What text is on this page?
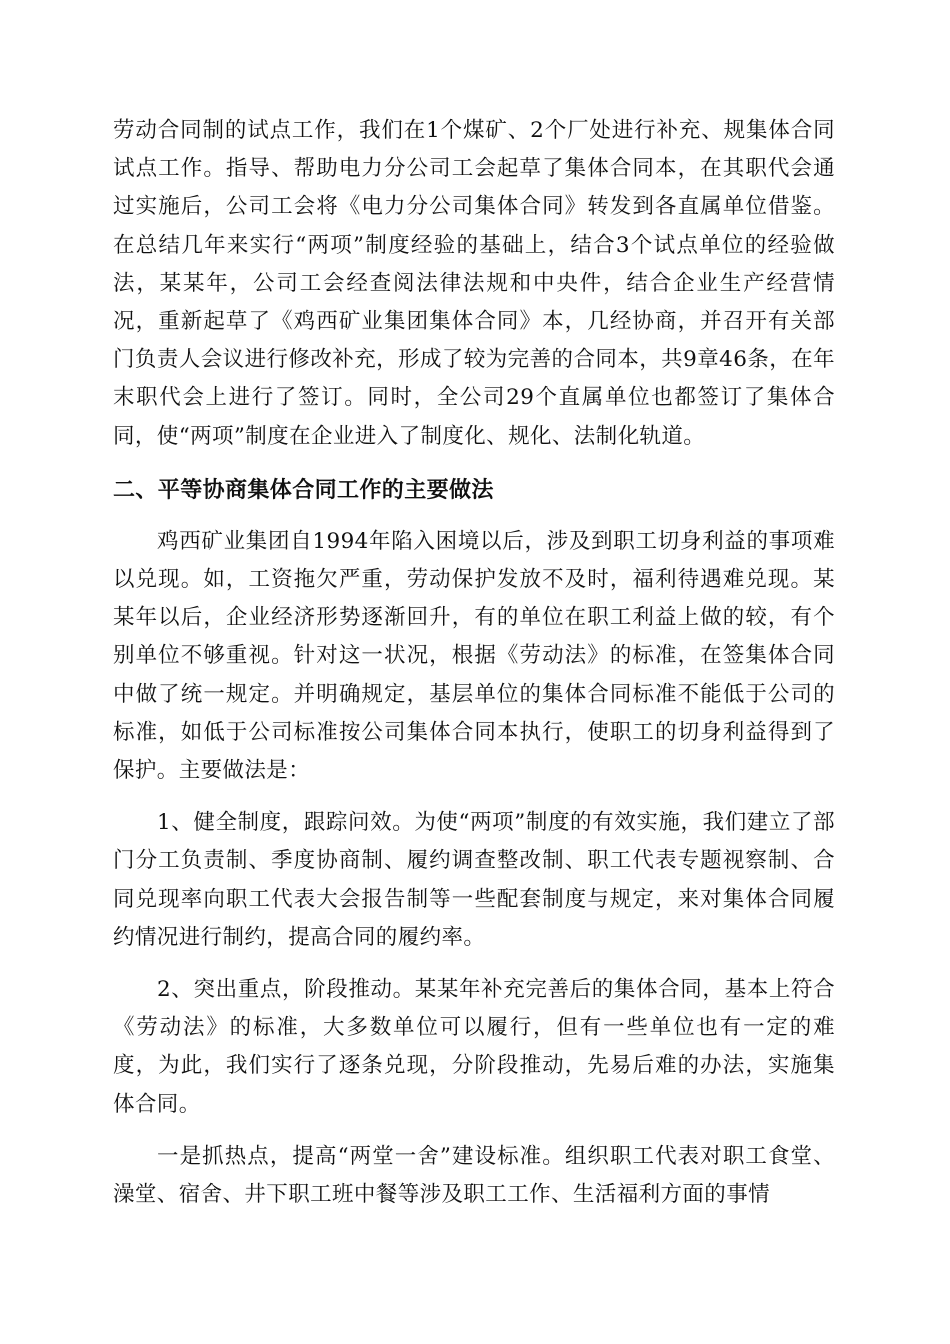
劳动合同制的试点工作，我们在1个煤矿、2个厂处进行补充、规集体合同试点工作。指导、帮助电力分公司工会起草了集体合同本，在其职代会通过实施后，公司工会将《电力分公司集体合同》转发到各直属单位借鉴。在总结几年来实行“两项”制度经验的基础上，结合3个试点单位的经验做法，某某年，公司工会经查阅法律法规和中央件，结合企业生产经营情况，重新起草了《鸡西矿业集团集体合同》本，几经协商，并召开有关部门负责人会议进行修改补充，形成了较为完善的合同本，共9章46条，在年末职代会上进行了签订。同时，全公司29个直属单位也都签订了集体合同，使“两项”制度在企业进入了制度化、规化、法制化轨道。

二、平等协商集体合同工作的主要做法

鸡西矿业集团自1994年陷入困境以后，涉及到职工切身利益的事项难以兑现。如，工资拖欠严重，劳动保护发放不及时，福利待遇难兑现。某某年以后，企业经济形势逐渐回升，有的单位在职工利益上做的较，有个别单位不够重视。针对这一状况，根据《劳动法》的标准，在签集体合同中做了统一规定。并明确规定，基层单位的集体合同标准不能低于公司的标准，如低于公司标准按公司集体合同本执行，使职工的切身利益得到了保护。主要做法是：

1、健全制度，跟踪问效。为使“两项”制度的有效实施，我们建立了部门分工负责制、季度协商制、履约调查整改制、职工代表专题视察制、合同兑现率向职工代表大会报告制等一些配套制度与规定，来对集体合同履约情况进行制约，提高合同的履约率。

2、突出重点，阶段推动。某某年补充完善后的集体合同，基本上符合《劳动法》的标准，大多数单位可以履行，但有一些单位也有一定的难度，为此，我们实行了逐条兑现，分阶段推动，先易后难的办法，实施集体合同。

一是抓热点，提高“两堂一舍”建设标准。组织职工代表对职工食堂、澡堂、宿舍、井下职工班中餐等涉及职工工作、生活福利方面的事情
